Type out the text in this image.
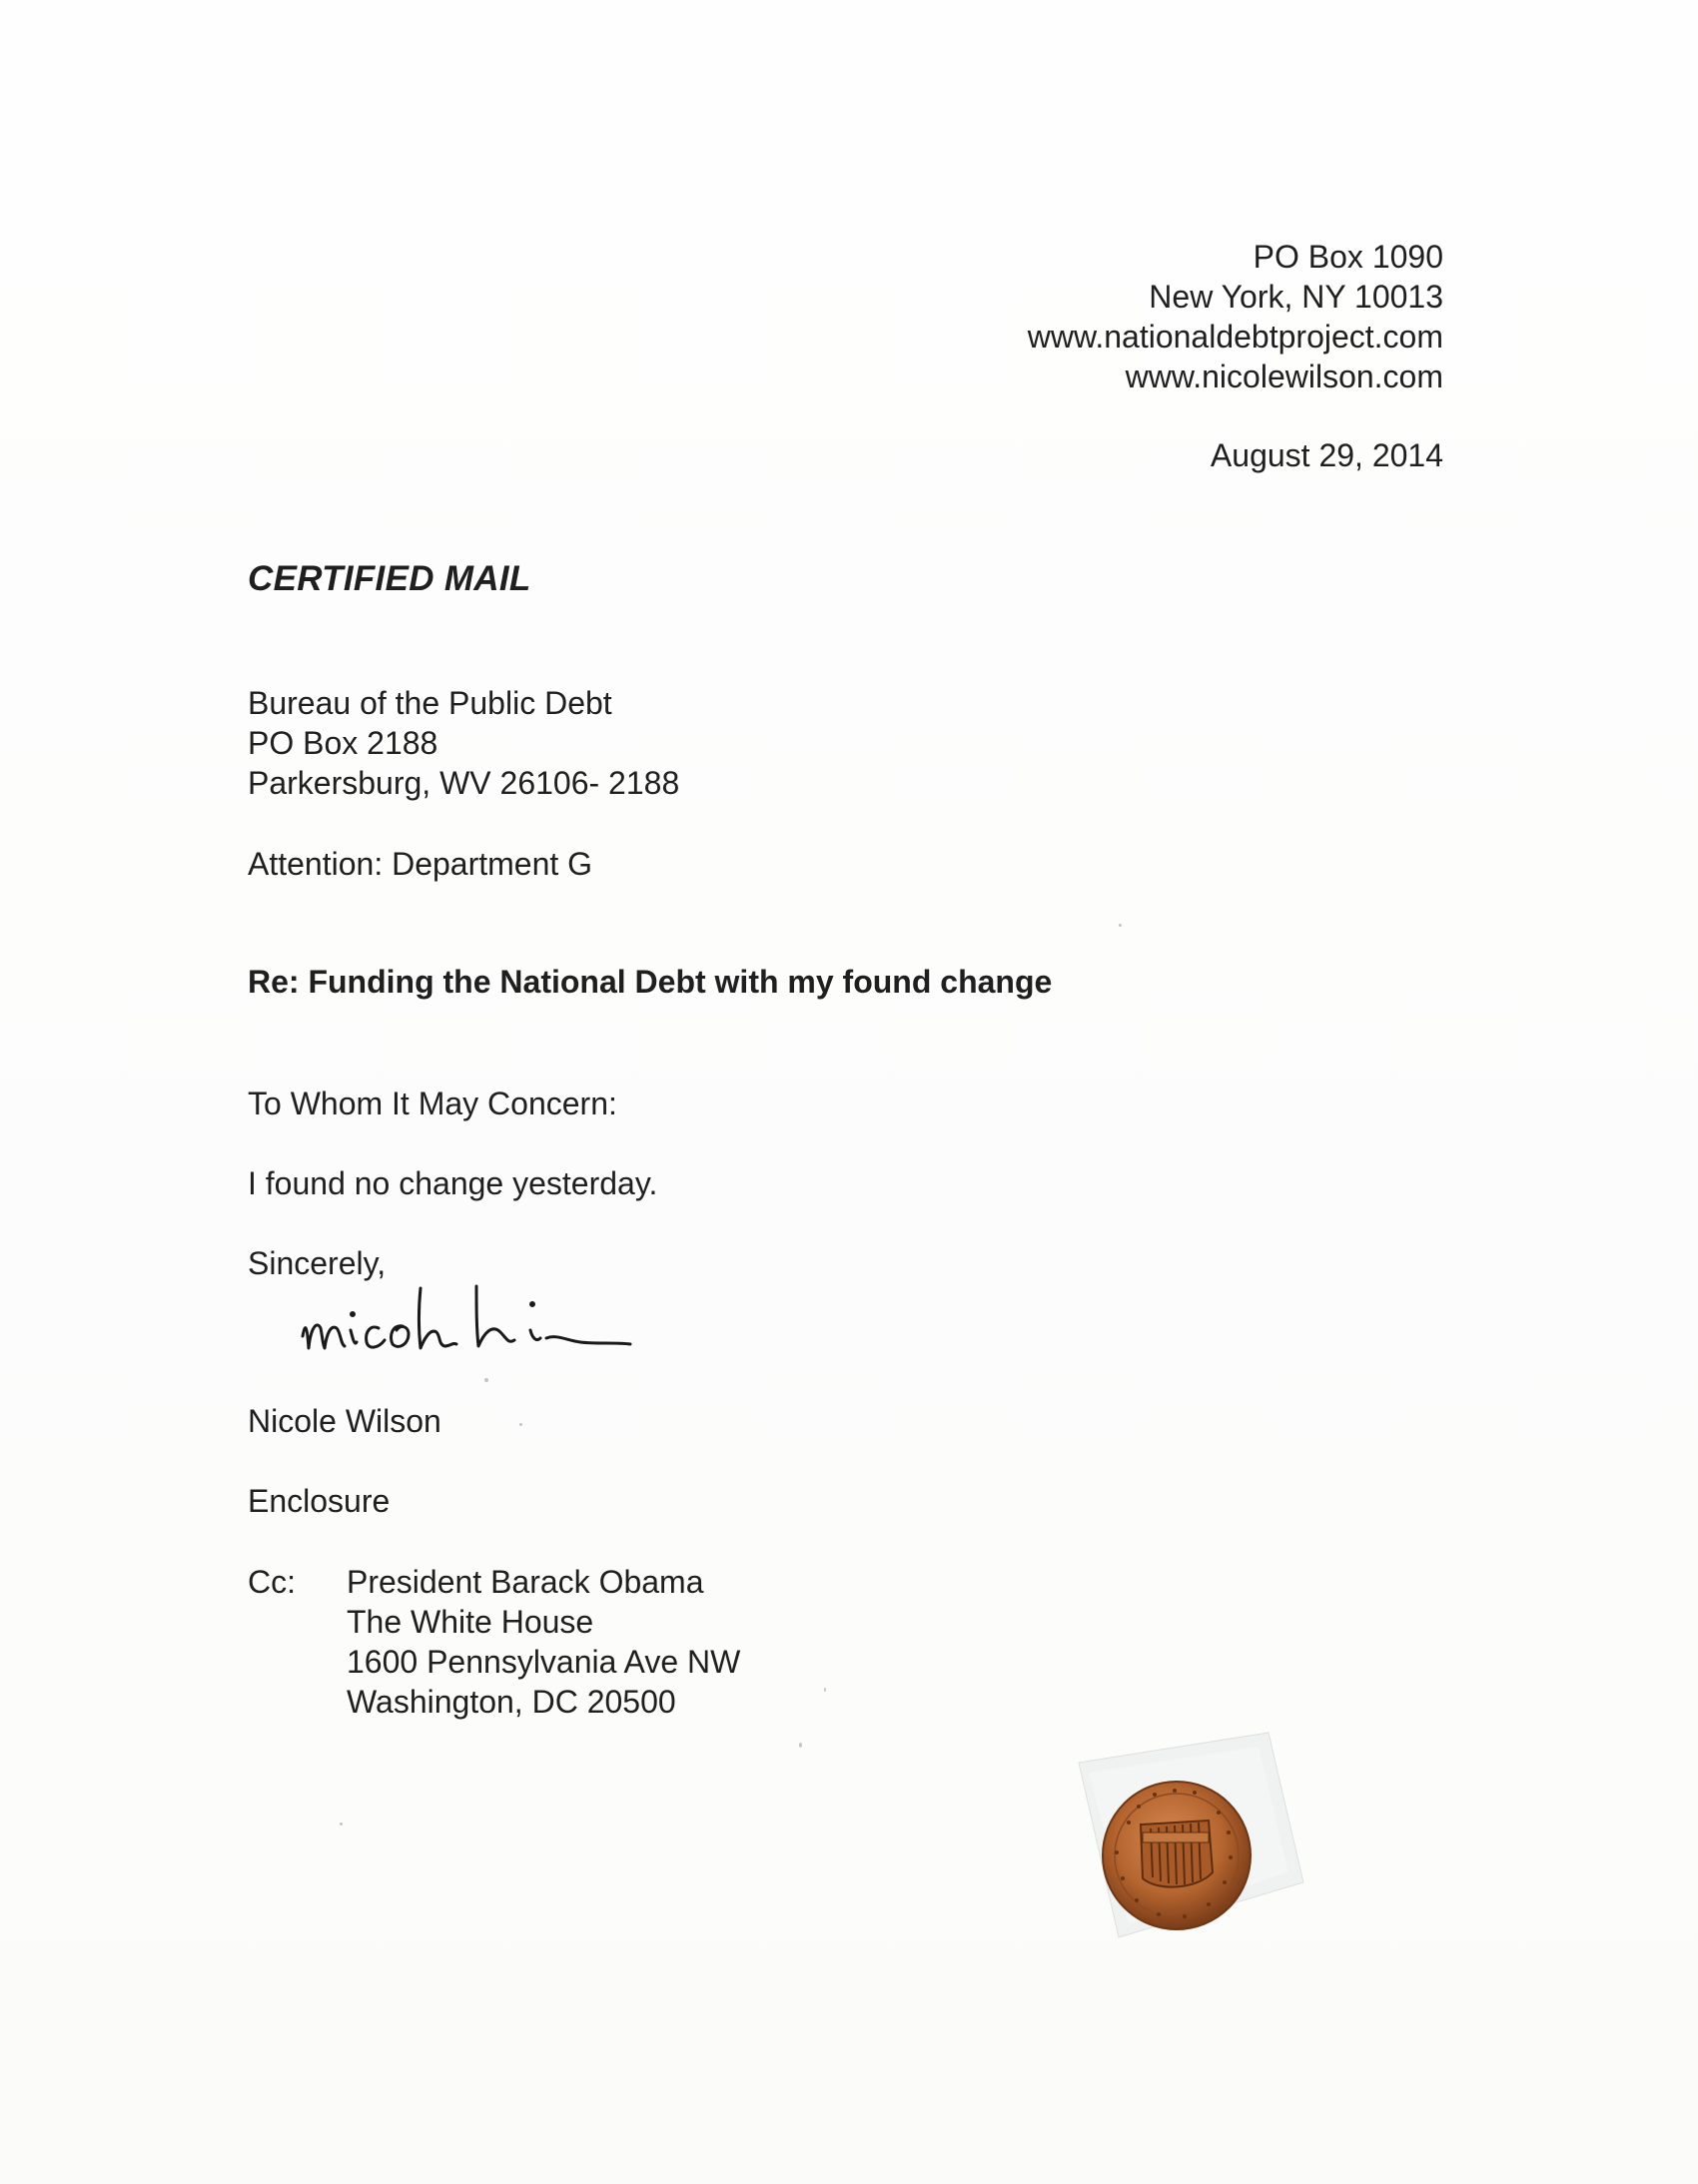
PO Box 1090
New York, NY 10013
www.nationaldebtproject.com
www.nicolewilson.com
August 29, 2014
CERTIFIED MAIL
Bureau of the Public Debt
PO Box 2188
Parkersburg, WV 26106- 2188
Attention: Department G
Re: Funding the National Debt with my found change
To Whom It May Concern:
I found no change yesterday.
Sincerely,
Nicole Wilson
Enclosure
Cc: President Barack Obama
The White House
1600 Pennsylvania Ave NW
Washington, DC 20500
